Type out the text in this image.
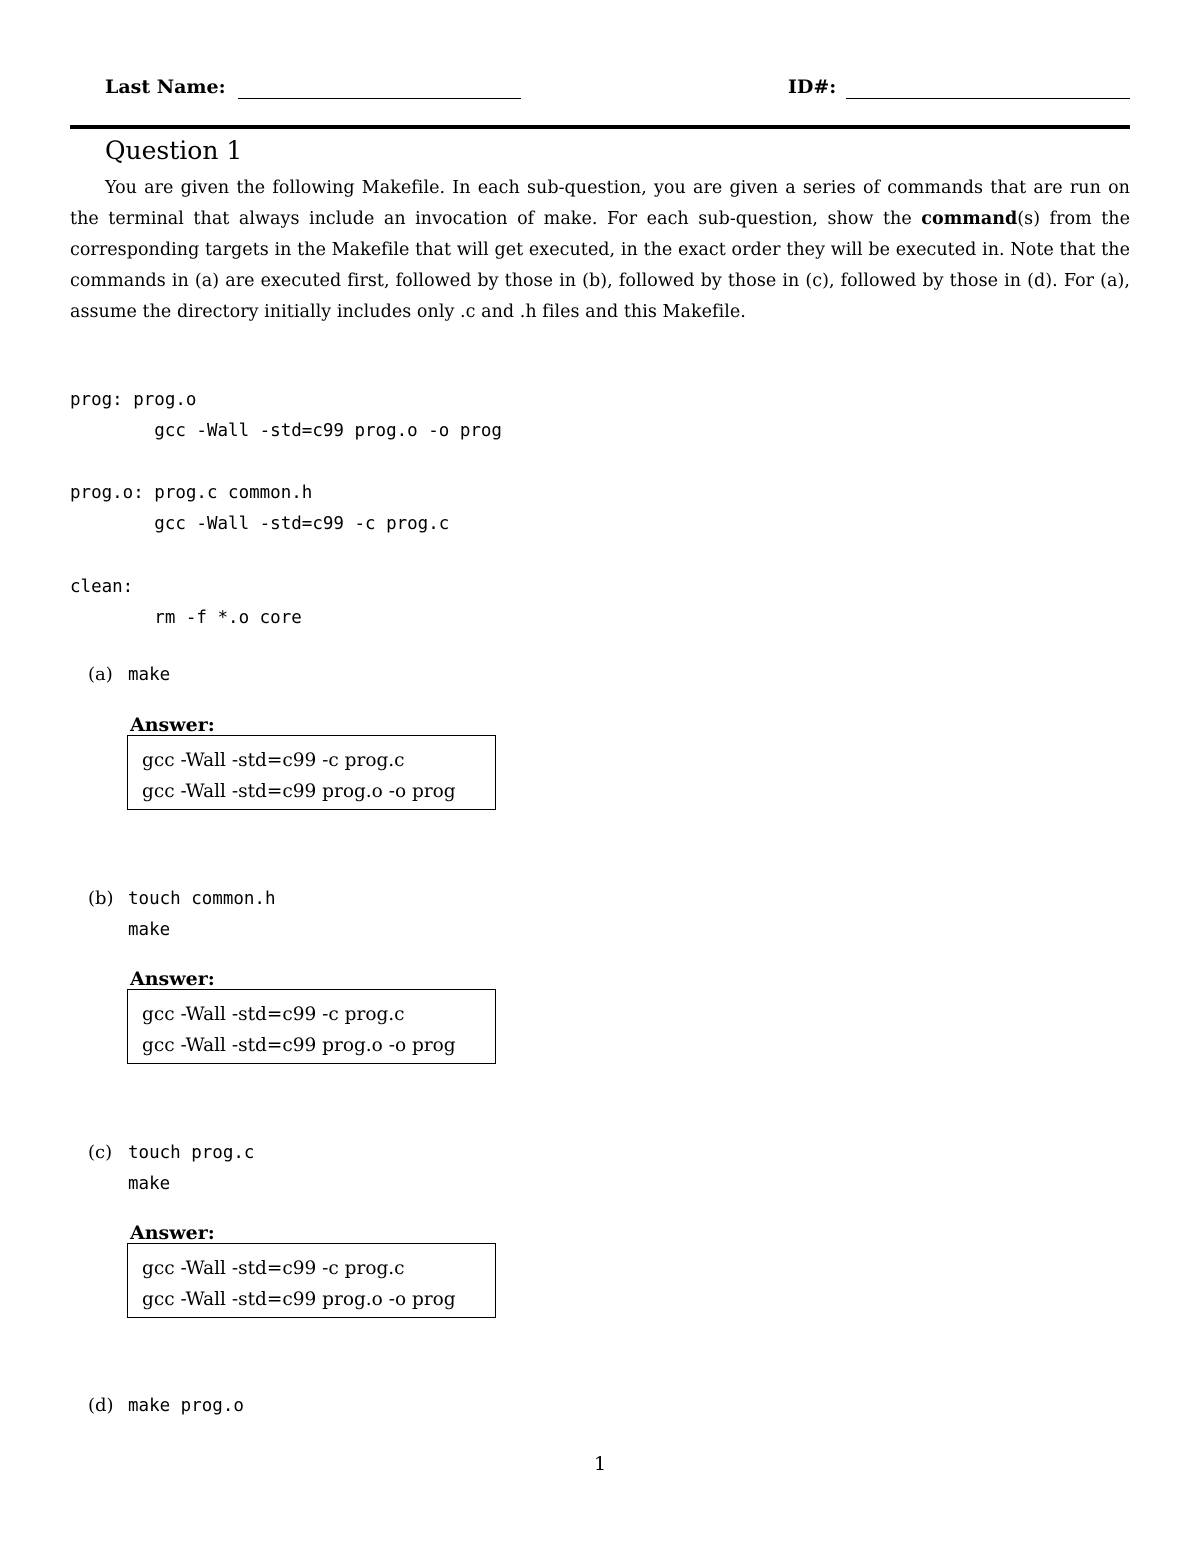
Last Name:	ID#:
Question 1
You are given the following Makefile. In each sub-question, you are given a series of commands that are run on the terminal that always include an invocation of make. For each sub-question, show the command(s) from the corresponding targets in the Makefile that will get executed, in the exact order they will be executed in. Note that the commands in (a) are executed first, followed by those in (b), followed by those in (c), followed by those in (d). For (a), assume the directory initially includes only .c and .h files and this Makefile.
prog: prog.o
gcc -Wall -std=c99 prog.o -o prog
prog.o: prog.c common.h
gcc -Wall -std=c99 -c prog.c
clean:
rm -f *.o core
(a) make
Answer:
gcc -Wall -std=c99 -c prog.c
gcc -Wall -std=c99 prog.o -o prog
(b) touch common.h
make
Answer:
gcc -Wall -std=c99 -c prog.c
gcc -Wall -std=c99 prog.o -o prog
(c) touch prog.c
make
Answer:
gcc -Wall -std=c99 -c prog.c
gcc -Wall -std=c99 prog.o -o prog
(d) make prog.o
1
